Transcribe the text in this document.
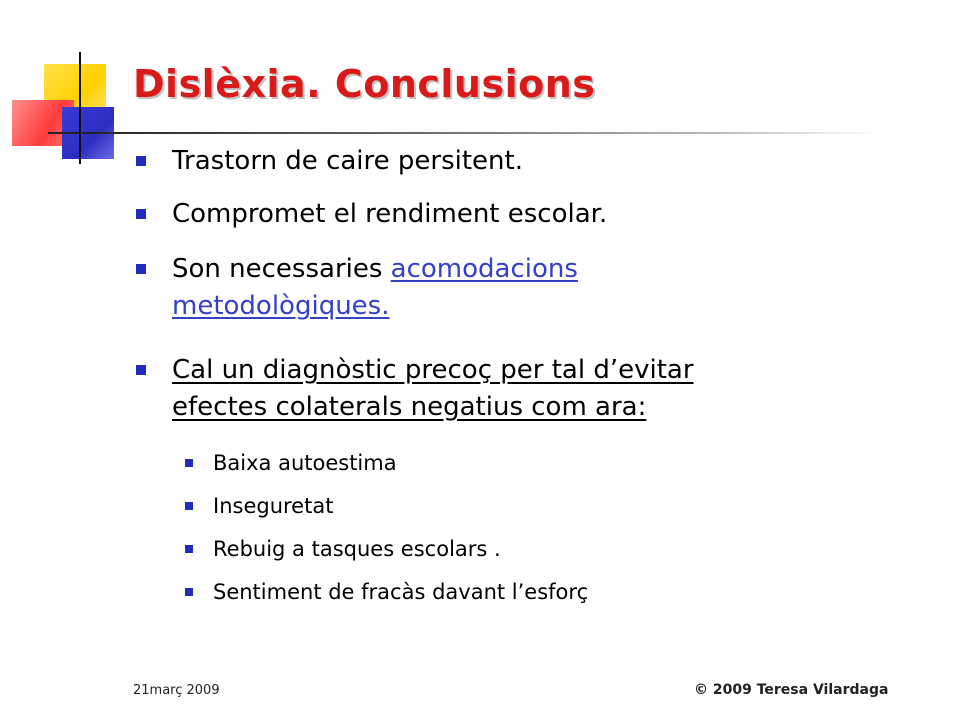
Dislèxia. Conclusions
Trastorn de caire persitent.
Compromet el rendiment escolar.
Son necessaries acomodacions
metodològiques.
Cal un diagnòstic precoç per tal d’evitar
efectes colaterals negatius com ara:
Baixa autoestima
Inseguretat
Rebuig a tasques escolars .
Sentiment de fracàs davant l’esforç
21març 2009	© 2009 Teresa Vilardaga
